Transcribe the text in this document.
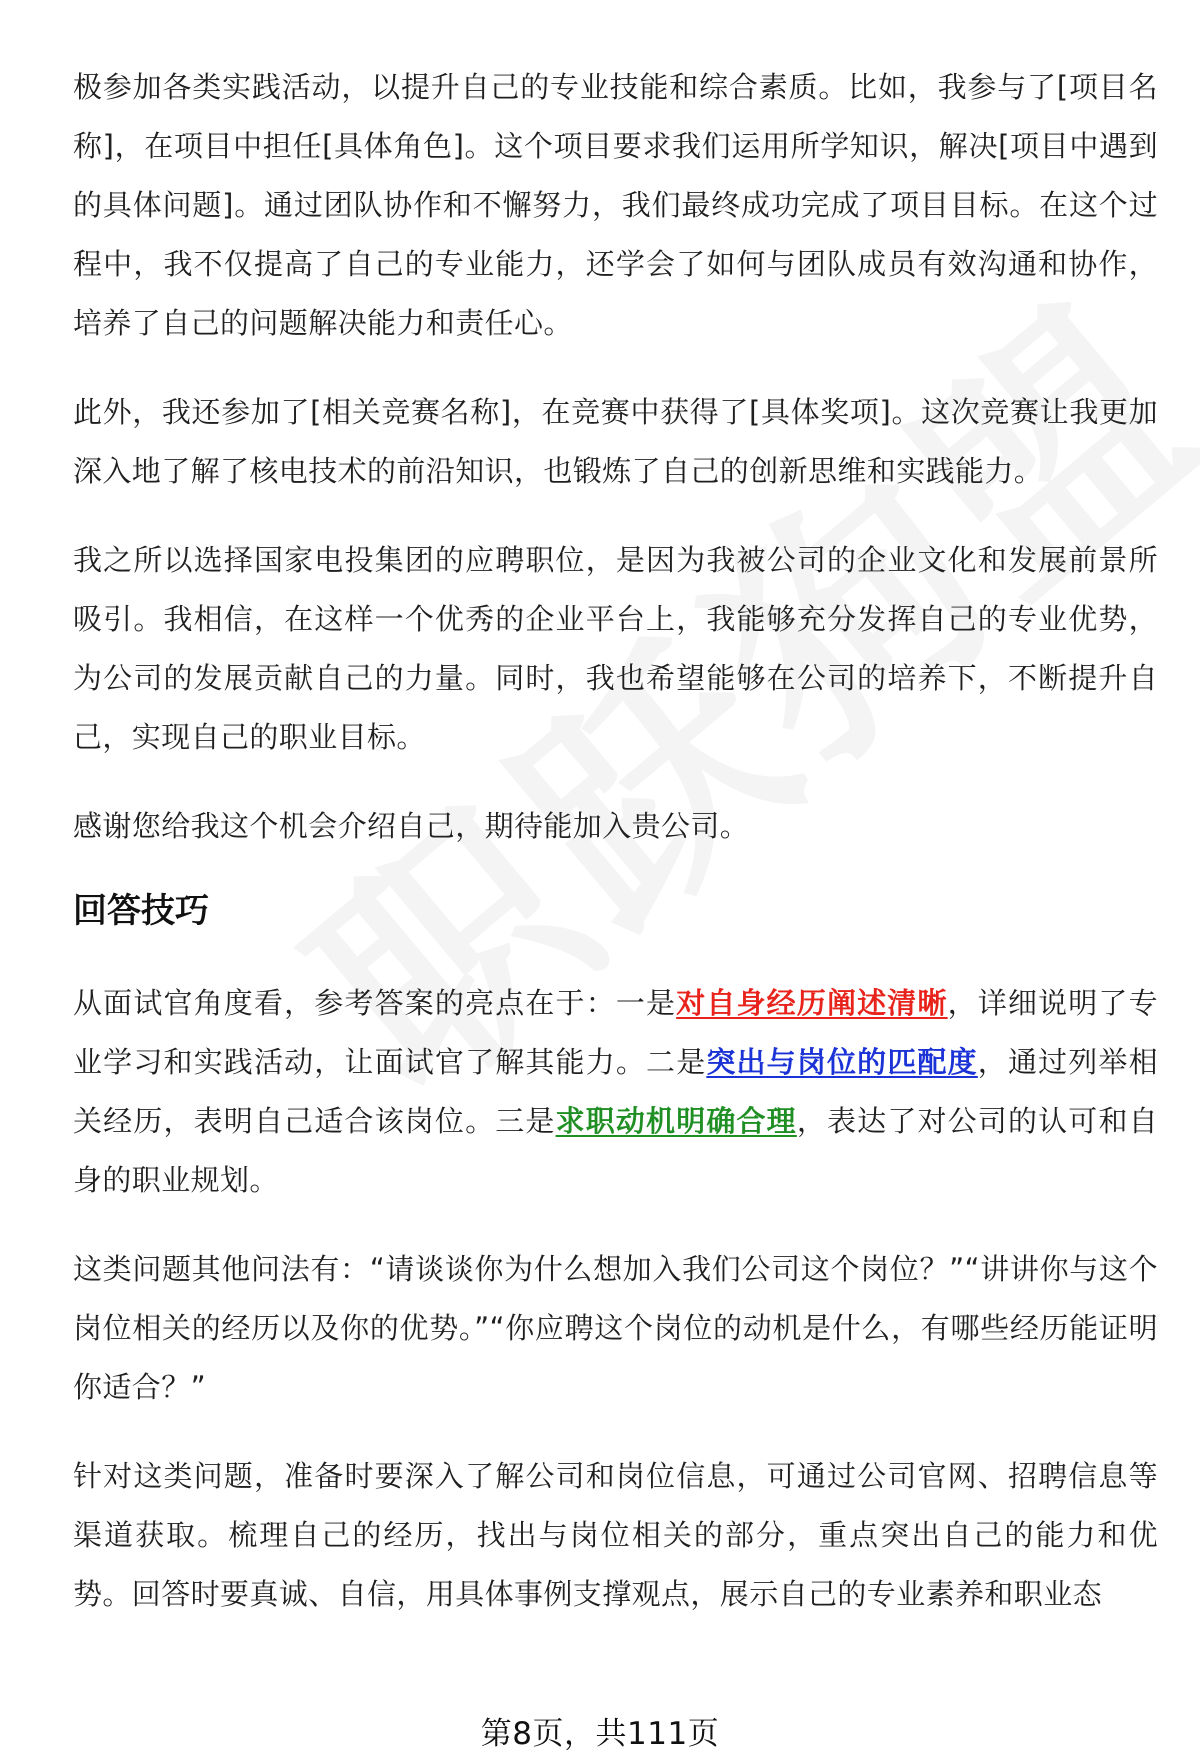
极参加各类实践活动，以提升自己的专业技能和综合素质。比如，我参与了[项目名称]，在项目中担任[具体角色]。这个项目要求我们运用所学知识，解决[项目中遇到的具体问题]。通过团队协作和不懈努力，我们最终成功完成了项目目标。在这个过程中，我不仅提高了自己的专业能力，还学会了如何与团队成员有效沟通和协作，培养了自己的问题解决能力和责任心。

此外，我还参加了[相关竞赛名称]，在竞赛中获得了[具体奖项]。这次竞赛让我更加深入地了解了核电技术的前沿知识，也锻炼了自己的创新思维和实践能力。

我之所以选择国家电投集团的应聘职位，是因为我被公司的企业文化和发展前景所吸引。我相信，在这样一个优秀的企业平台上，我能够充分发挥自己的专业优势，为公司的发展贡献自己的力量。同时，我也希望能够在公司的培养下，不断提升自己，实现自己的职业目标。

感谢您给我这个机会介绍自己，期待能加入贵公司。

回答技巧

从面试官角度看，参考答案的亮点在于：一是对自身经历阐述清晰，详细说明了专业学习和实践活动，让面试官了解其能力。二是突出与岗位的匹配度，通过列举相关经历，表明自己适合该岗位。三是求职动机明确合理，表达了对公司的认可和自身的职业规划。

这类问题其他问法有：“请谈谈你为什么想加入我们公司这个岗位？”“讲讲你与这个岗位相关的经历以及你的优势。”“你应聘这个岗位的动机是什么，有哪些经历能证明你适合？”

针对这类问题，准备时要深入了解公司和岗位信息，可通过公司官网、招聘信息等渠道获取。梳理自己的经历，找出与岗位相关的部分，重点突出自己的能力和优势。回答时要真诚、自信，用具体事例支撑观点，展示自己的专业素养和职业态

第8页，共111页
